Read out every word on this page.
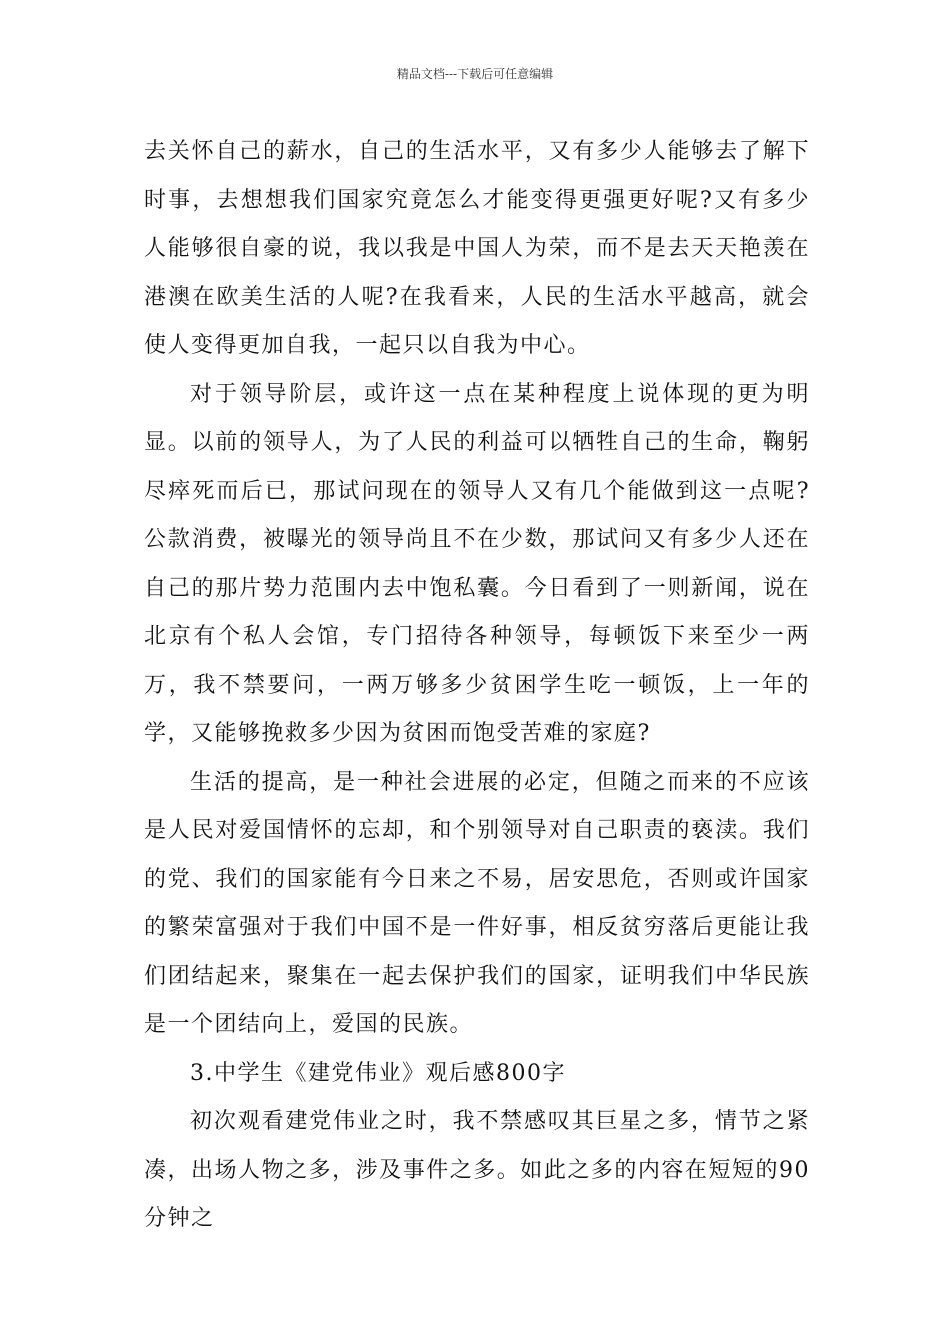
精品文档---下载后可任意编辑

去关怀自己的薪水，自己的生活水平，又有多少人能够去了解下时事，去想想我们国家究竟怎么才能变得更强更好呢?又有多少人能够很自豪的说，我以我是中国人为荣，而不是去天天艳羡在港澳在欧美生活的人呢?在我看来，人民的生活水平越高，就会使人变得更加自我，一起只以自我为中心。

对于领导阶层，或许这一点在某种程度上说体现的更为明显。以前的领导人，为了人民的利益可以牺牲自己的生命，鞠躬尽瘁死而后已，那试问现在的领导人又有几个能做到这一点呢?公款消费，被曝光的领导尚且不在少数，那试问又有多少人还在自己的那片势力范围内去中饱私囊。今日看到了一则新闻，说在北京有个私人会馆，专门招待各种领导，每顿饭下来至少一两万，我不禁要问，一两万够多少贫困学生吃一顿饭，上一年的学，又能够挽救多少因为贫困而饱受苦难的家庭?

生活的提高，是一种社会进展的必定，但随之而来的不应该是人民对爱国情怀的忘却，和个别领导对自己职责的亵渎。我们的党、我们的国家能有今日来之不易，居安思危，否则或许国家的繁荣富强对于我们中国不是一件好事，相反贫穷落后更能让我们团结起来，聚集在一起去保护我们的国家，证明我们中华民族是一个团结向上，爱国的民族。

3.中学生《建党伟业》观后感800字

初次观看建党伟业之时，我不禁感叹其巨星之多，情节之紧凑，出场人物之多，涉及事件之多。如此之多的内容在短短的90分钟之
